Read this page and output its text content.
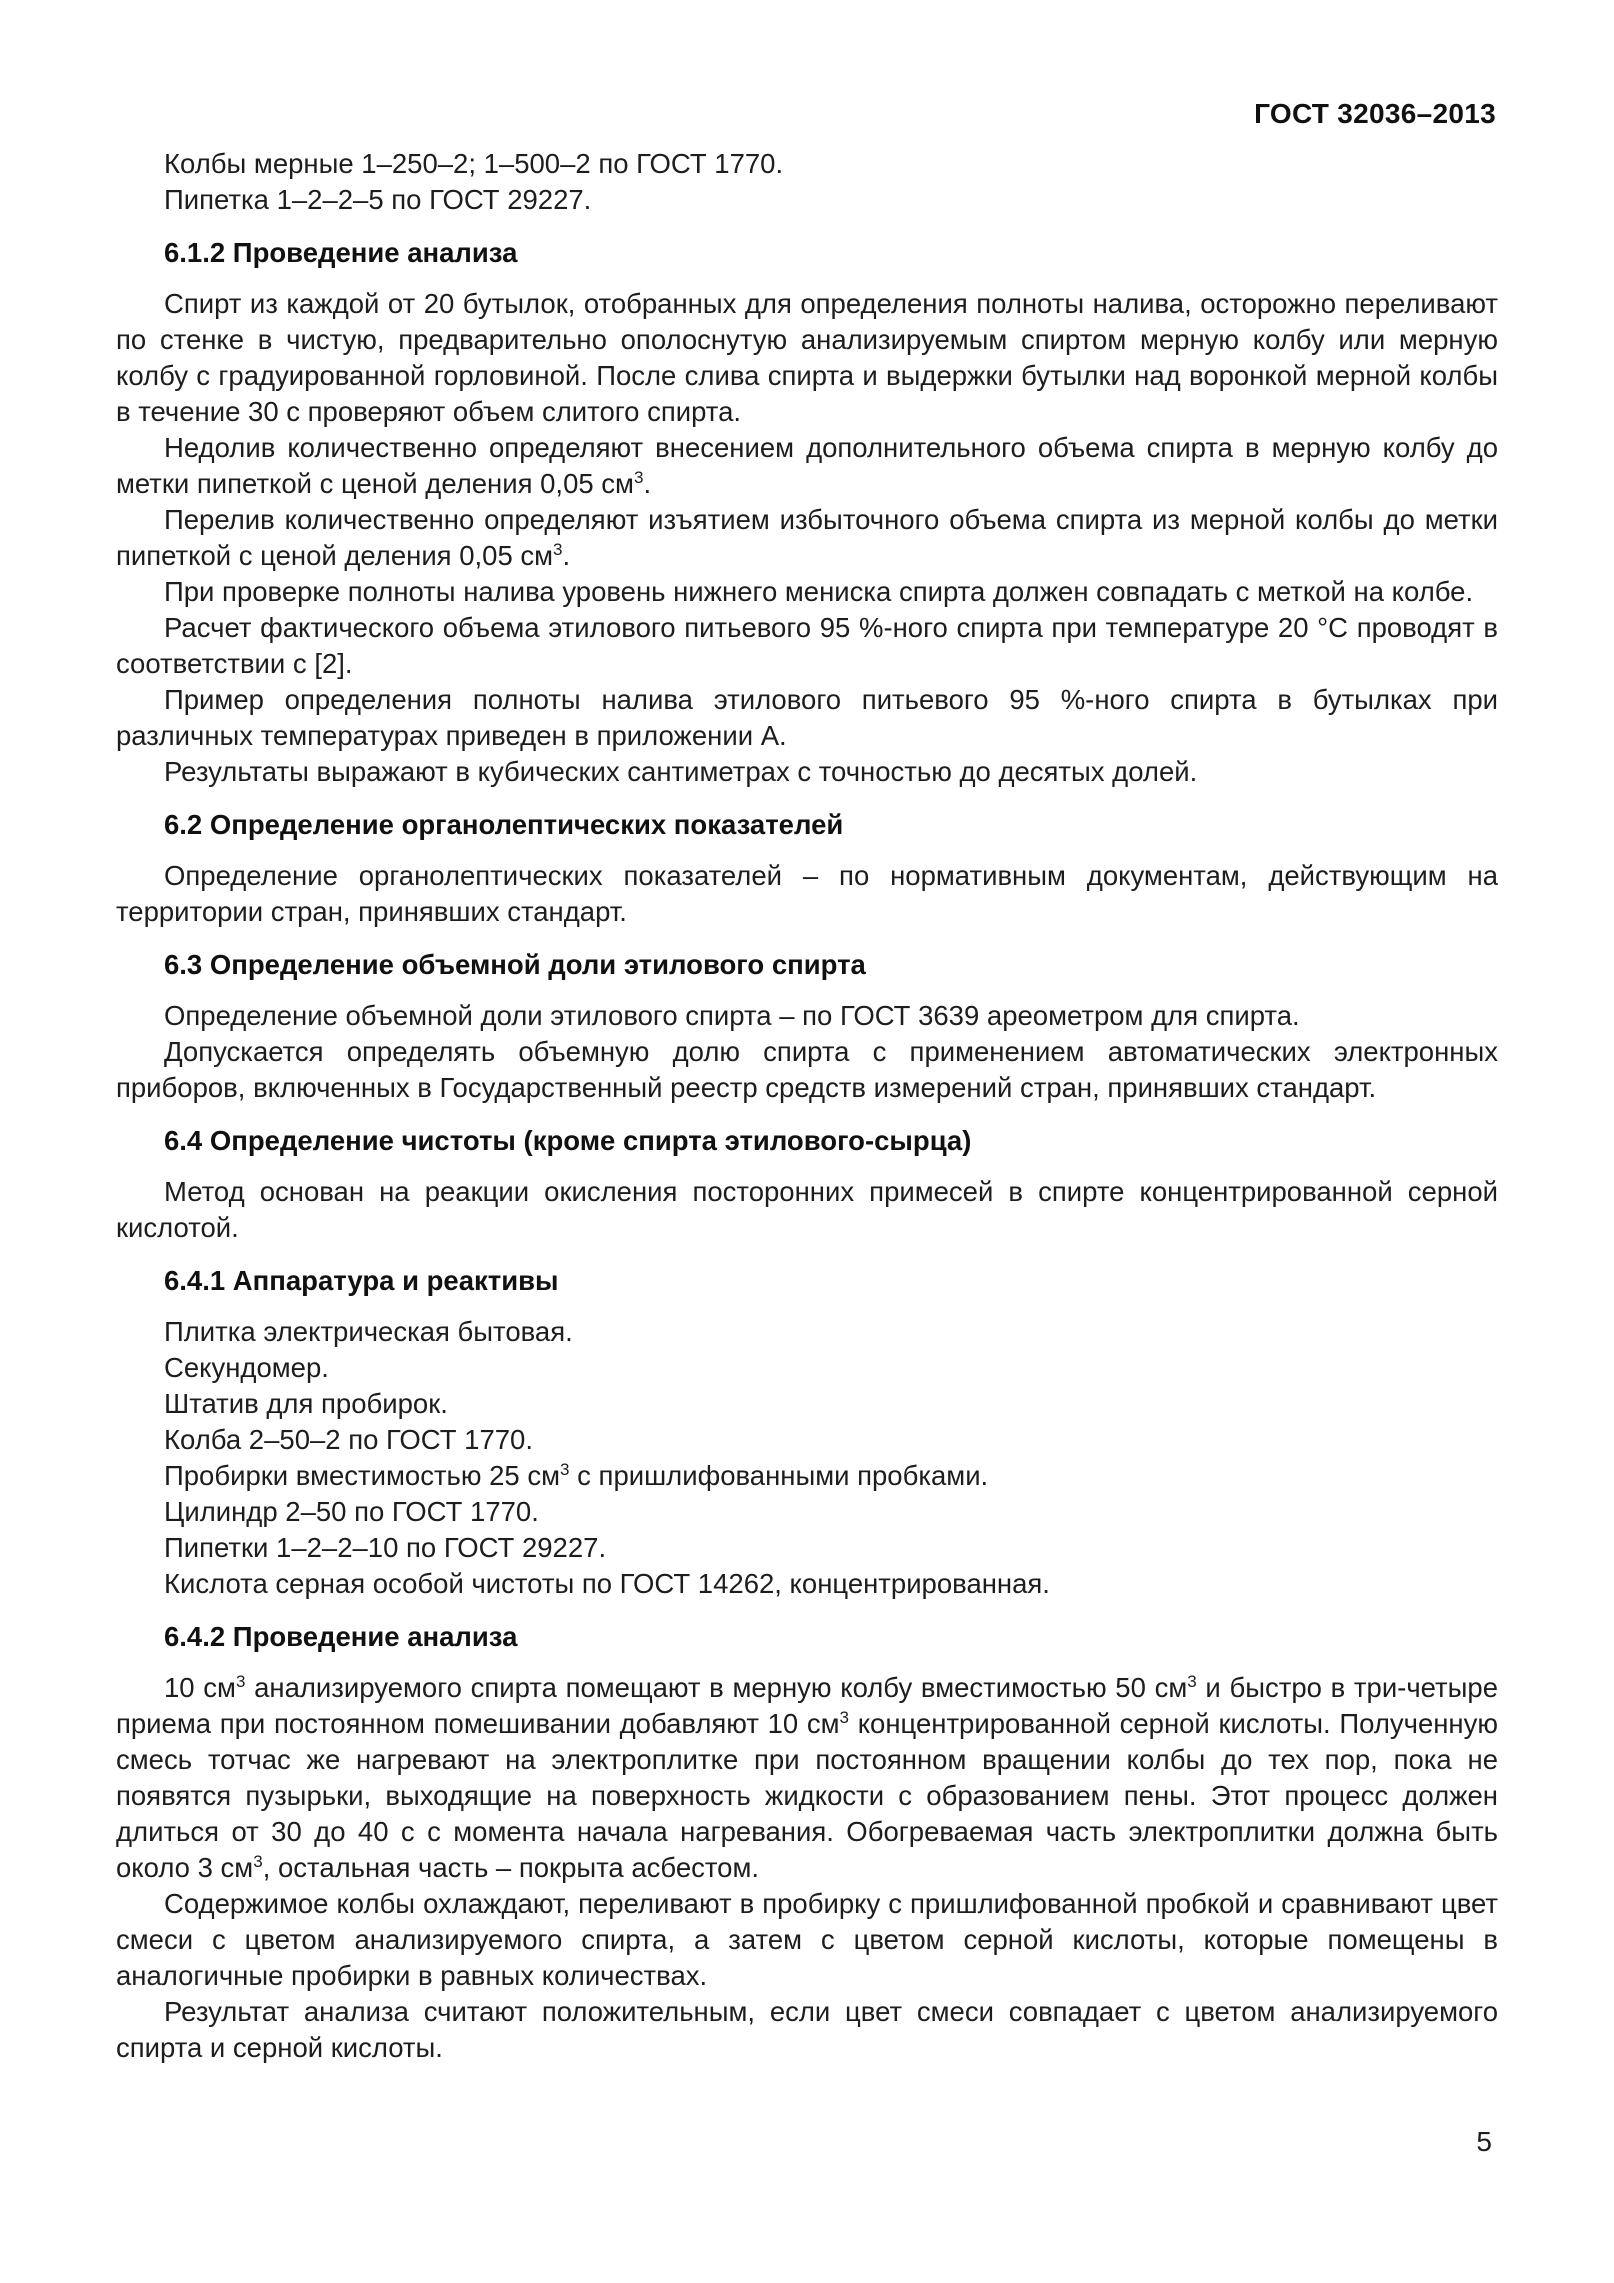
ГОСТ 32036–2013

Колбы мерные 1–250–2; 1–500–2 по ГОСТ 1770.

Пипетка 1–2–2–5 по ГОСТ 29227.

6.1.2 Проведение анализа

Спирт из каждой от 20 бутылок, отобранных для определения полноты налива, осторожно переливают по стенке в чистую, предварительно ополоснутую анализируемым спиртом мерную колбу или мерную колбу с градуированной горловиной. После слива спирта и выдержки бутылки над воронкой мерной колбы в течение 30 с проверяют объем слитого спирта.

Недолив количественно определяют внесением дополнительного объема спирта в мерную колбу до метки пипеткой с ценой деления 0,05 $см^3$.

Перелив количественно определяют изъятием избыточного объема спирта из мерной колбы до метки пипеткой с ценой деления 0,05 $см^3$.

При проверке полноты налива уровень нижнего мениска спирта должен совпадать с меткой на колбе.

Расчет фактического объема этилового питьевого 95 %-ного спирта при температуре 20 °С проводят в соответствии с [2].

Пример определения полноты налива этилового питьевого 95 %-ного спирта в бутылках при различных температурах приведен в приложении А.

Результаты выражают в кубических сантиметрах с точностью до десятых долей.

6.2 Определение органолептических показателей

Определение органолептических показателей – по нормативным документам, действующим на территории стран, принявших стандарт.

6.3 Определение объемной доли этилового спирта

Определение объемной доли этилового спирта – по ГОСТ 3639 ареометром для спирта.

Допускается определять объемную долю спирта с применением автоматических электронных приборов, включенных в Государственный реестр средств измерений стран, принявших стандарт.

6.4 Определение чистоты (кроме спирта этилового-сырца)

Метод основан на реакции окисления посторонних примесей в спирте концентрированной серной кислотой.

6.4.1 Аппаратура и реактивы

Плитка электрическая бытовая.

Секундомер.

Штатив для пробирок.

Колба 2–50–2 по ГОСТ 1770.

Пробирки вместимостью 25 $см^3$ с пришлифованными пробками.

Цилиндр 2–50 по ГОСТ 1770.

Пипетки 1–2–2–10 по ГОСТ 29227.

Кислота серная особой чистоты по ГОСТ 14262, концентрированная.

6.4.2 Проведение анализа

10 $см^3$ анализируемого спирта помещают в мерную колбу вместимостью 50 $см^3$ и быстро в три-четыре приема при постоянном помешивании добавляют 10 $см^3$ концентрированной серной кислоты. Полученную смесь тотчас же нагревают на электроплитке при постоянном вращении колбы до тех пор, пока не появятся пузырьки, выходящие на поверхность жидкости с образованием пены. Этот процесс должен длиться от 30 до 40 с с момента начала нагревания. Обогреваемая часть электроплитки должна быть около 3 $см^3$, остальная часть – покрыта асбестом.

Содержимое колбы охлаждают, переливают в пробирку с пришлифованной пробкой и сравнивают цвет смеси с цветом анализируемого спирта, а затем с цветом серной кислоты, которые помещены в аналогичные пробирки в равных количествах.

Результат анализа считают положительным, если цвет смеси совпадает с цветом анализируемого спирта и серной кислоты.

5
